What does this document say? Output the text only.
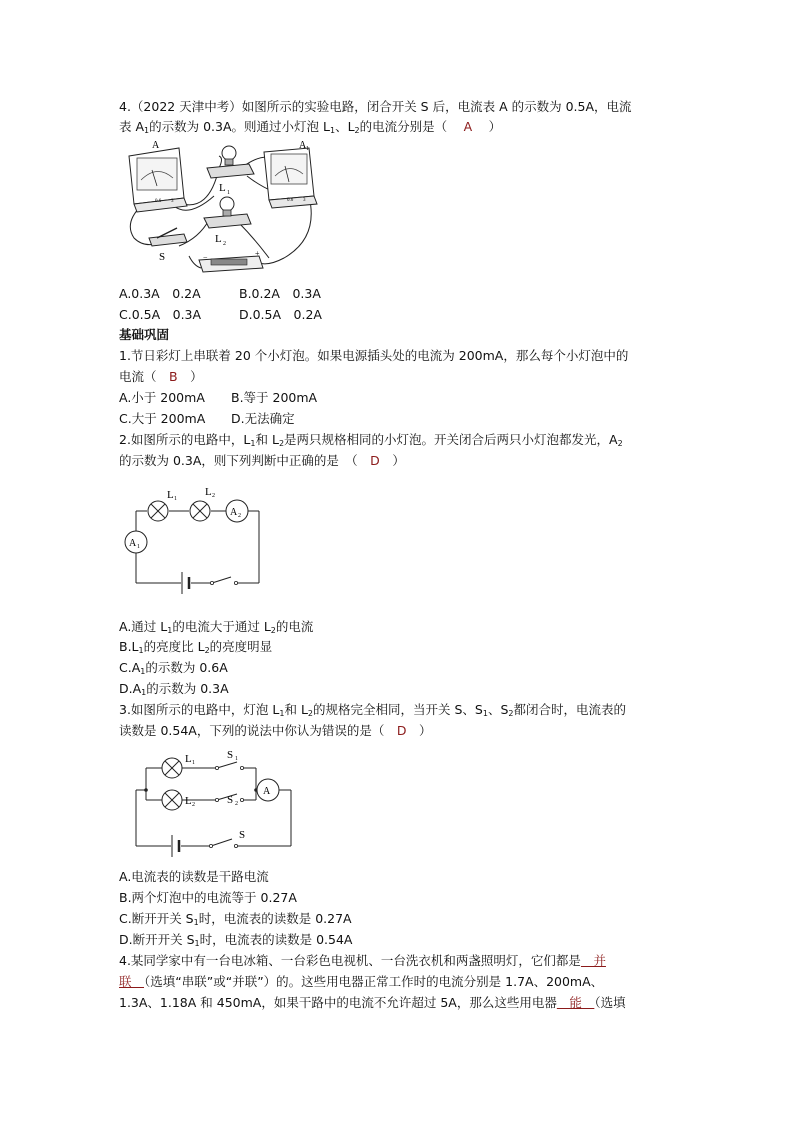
4.（2022 天津中考）如图所示的实验电路，闭合开关 S 后，电流表 A 的示数为 0.5A，电流
表 $A_1$的示数为 0.3A。则通过小灯泡 $L_1$、$L_2$的电流分别是（　 A 　 ）
A
0.6 3
A 1
0.6 3
L 1
L 2
S	−	+
A.0.3A　0.2A	B.0.2A　0.3A
C.0.5A　0.3A	D.0.5A　0.2A
基础巩固
1.节日彩灯上串联着 20 个小灯泡。如果电源插头处的电流为 200mA，那么每个小灯泡中的
电流（　 B　 ）
A.小于 200mA B.等于 200mA
C.大于 200mA D.无法确定
2.如图所示的电路中，$L_1$和 $L_2$是两只规格相同的小灯泡。开关闭合后两只小灯泡都发光，$A_2$
的示数为 0.3A，则下列判断中正确的是　（　 D　 ）
L 1
L 2
A 2
A 1
A.通过 $L_1$的电流大于通过 $L_2$的电流
$B.L_1$的亮度比 $L_2$的亮度明显
$C.A_1$的示数为 0.6A
$D.A_1$的示数为 0.3A
3.如图所示的电路中，灯泡 $L_1$和 $L_2$的规格完全相同，当开关 S、$S_1$、$S_2$都闭合时，电流表的
读数是 0.54A，下列的说法中你认为错误的是（　 D　 ）
L 1
S 1
L 2	S 2
A
S
A.电流表的读数是干路电流
B.两个灯泡中的电流等于 0.27A
C.断开开关 $S_1$时，电流表的读数是 0.27A
D.断开开关 $S_1$时，电流表的读数是 0.54A
4.某同学家中有一台电冰箱、一台彩色电视机、一台洗衣机和两盏照明灯，它们都是　并
联　（选填“串联”或“并联”）的。这些用电器正常工作时的电流分别是 1.7A、200mA、
1.3A、1.18A 和 450mA，如果干路中的电流不允许超过 5A，那么这些用电器　能　（选填
